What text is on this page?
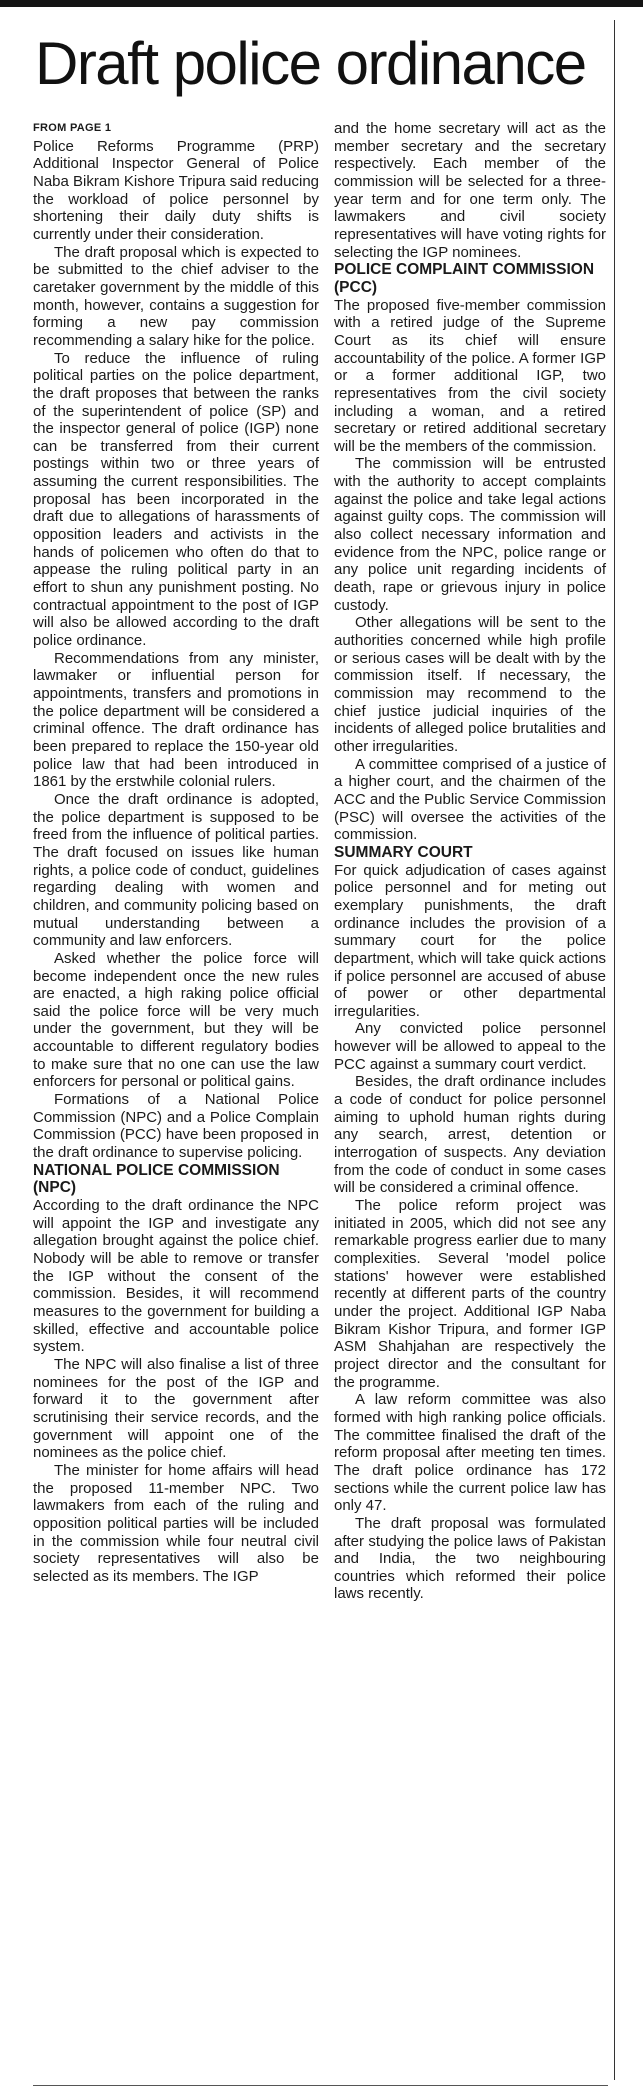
Draft police ordinance
FROM PAGE 1

Police Reforms Programme (PRP) Additional Inspector General of Police Naba Bikram Kishore Tripura said reducing the workload of police personnel by shortening their daily duty shifts is currently under their consideration.

The draft proposal which is expected to be submitted to the chief adviser to the caretaker government by the middle of this month, however, contains a suggestion for forming a new pay commission recommending a salary hike for the police.

To reduce the influence of ruling political parties on the police department, the draft proposes that between the ranks of the superintendent of police (SP) and the inspector general of police (IGP) none can be transferred from their current postings within two or three years of assuming the current responsibilities. The proposal has been incorporated in the draft due to allegations of harassments of opposition leaders and activists in the hands of policemen who often do that to appease the ruling political party in an effort to shun any punishment posting. No contractual appointment to the post of IGP will also be allowed according to the draft police ordinance.

Recommendations from any minister, lawmaker or influential person for appointments, transfers and promotions in the police department will be considered a criminal offence. The draft ordinance has been prepared to replace the 150-year old police law that had been introduced in 1861 by the erstwhile colonial rulers.

Once the draft ordinance is adopted, the police department is supposed to be freed from the influence of political parties. The draft focused on issues like human rights, a police code of conduct, guidelines regarding dealing with women and children, and community policing based on mutual understanding between a community and law enforcers.

Asked whether the police force will become independent once the new rules are enacted, a high raking police official said the police force will be very much under the government, but they will be accountable to different regulatory bodies to make sure that no one can use the law enforcers for personal or political gains.

Formations of a National Police Commission (NPC) and a Police Complain Commission (PCC) have been proposed in the draft ordinance to supervise policing.

NATIONAL POLICE COMMISSION (NPC)

According to the draft ordinance the NPC will appoint the IGP and investigate any allegation brought against the police chief. Nobody will be able to remove or transfer the IGP without the consent of the commission. Besides, it will recommend measures to the government for building a skilled, effective and accountable police system.

The NPC will also finalise a list of three nominees for the post of the IGP and forward it to the government after scrutinising their service records, and the government will appoint one of the nominees as the police chief.

The minister for home affairs will head the proposed 11-member NPC. Two lawmakers from each of the ruling and opposition political parties will be included in the commission while four neutral civil society representatives will also be selected as its members. The IGP

and the home secretary will act as the member secretary and the secretary respectively. Each member of the commission will be selected for a three-year term and for one term only. The lawmakers and civil society representatives will have voting rights for selecting the IGP nominees.

POLICE COMPLAINT COMMISSION (PCC)

The proposed five-member commission with a retired judge of the Supreme Court as its chief will ensure accountability of the police. A former IGP or a former additional IGP, two representatives from the civil society including a woman, and a retired secretary or retired additional secretary will be the members of the commission.

The commission will be entrusted with the authority to accept complaints against the police and take legal actions against guilty cops. The commission will also collect necessary information and evidence from the NPC, police range or any police unit regarding incidents of death, rape or grievous injury in police custody.

Other allegations will be sent to the authorities concerned while high profile or serious cases will be dealt with by the commission itself. If necessary, the commission may recommend to the chief justice judicial inquiries of the incidents of alleged police brutalities and other irregularities.

A committee comprised of a justice of a higher court, and the chairmen of the ACC and the Public Service Commission (PSC) will oversee the activities of the commission.

SUMMARY COURT

For quick adjudication of cases against police personnel and for meting out exemplary punishments, the draft ordinance includes the provision of a summary court for the police department, which will take quick actions if police personnel are accused of abuse of power or other departmental irregularities.

Any convicted police personnel however will be allowed to appeal to the PCC against a summary court verdict.

Besides, the draft ordinance includes a code of conduct for police personnel aiming to uphold human rights during any search, arrest, detention or interrogation of suspects. Any deviation from the code of conduct in some cases will be considered a criminal offence.

The police reform project was initiated in 2005, which did not see any remarkable progress earlier due to many complexities. Several 'model police stations' however were established recently at different parts of the country under the project. Additional IGP Naba Bikram Kishor Tripura, and former IGP ASM Shahjahan are respectively the project director and the consultant for the programme.

A law reform committee was also formed with high ranking police officials. The committee finalised the draft of the reform proposal after meeting ten times. The draft police ordinance has 172 sections while the current police law has only 47.

The draft proposal was formulated after studying the police laws of Pakistan and India, the two neighbouring countries which reformed their police laws recently.
